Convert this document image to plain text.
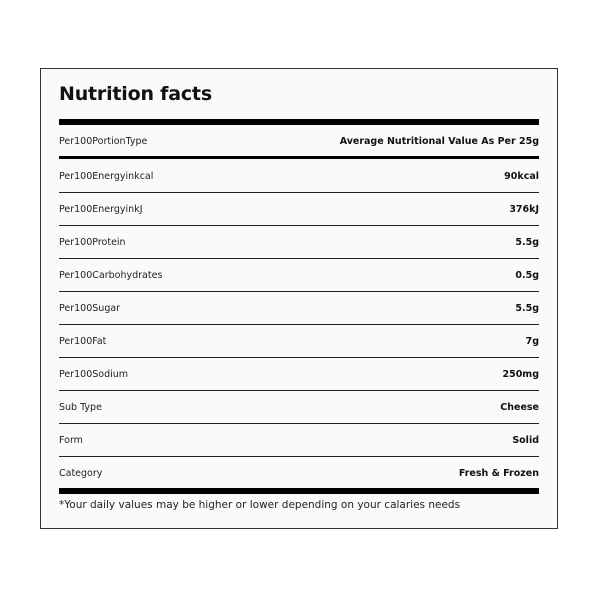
Nutrition facts
Per100PortionType	Average Nutritional Value As Per 25g
Per100Energyinkcal	90kcal
Per100EnergyinkJ	376kJ
Per100Protein	5.5g
Per100Carbohydrates	0.5g
Per100Sugar	5.5g
Per100Fat	7g
Per100Sodium	250mg
Sub Type	Cheese
Form	Solid
Category	Fresh & Frozen
*Your daily values may be higher or lower depending on your calaries needs
